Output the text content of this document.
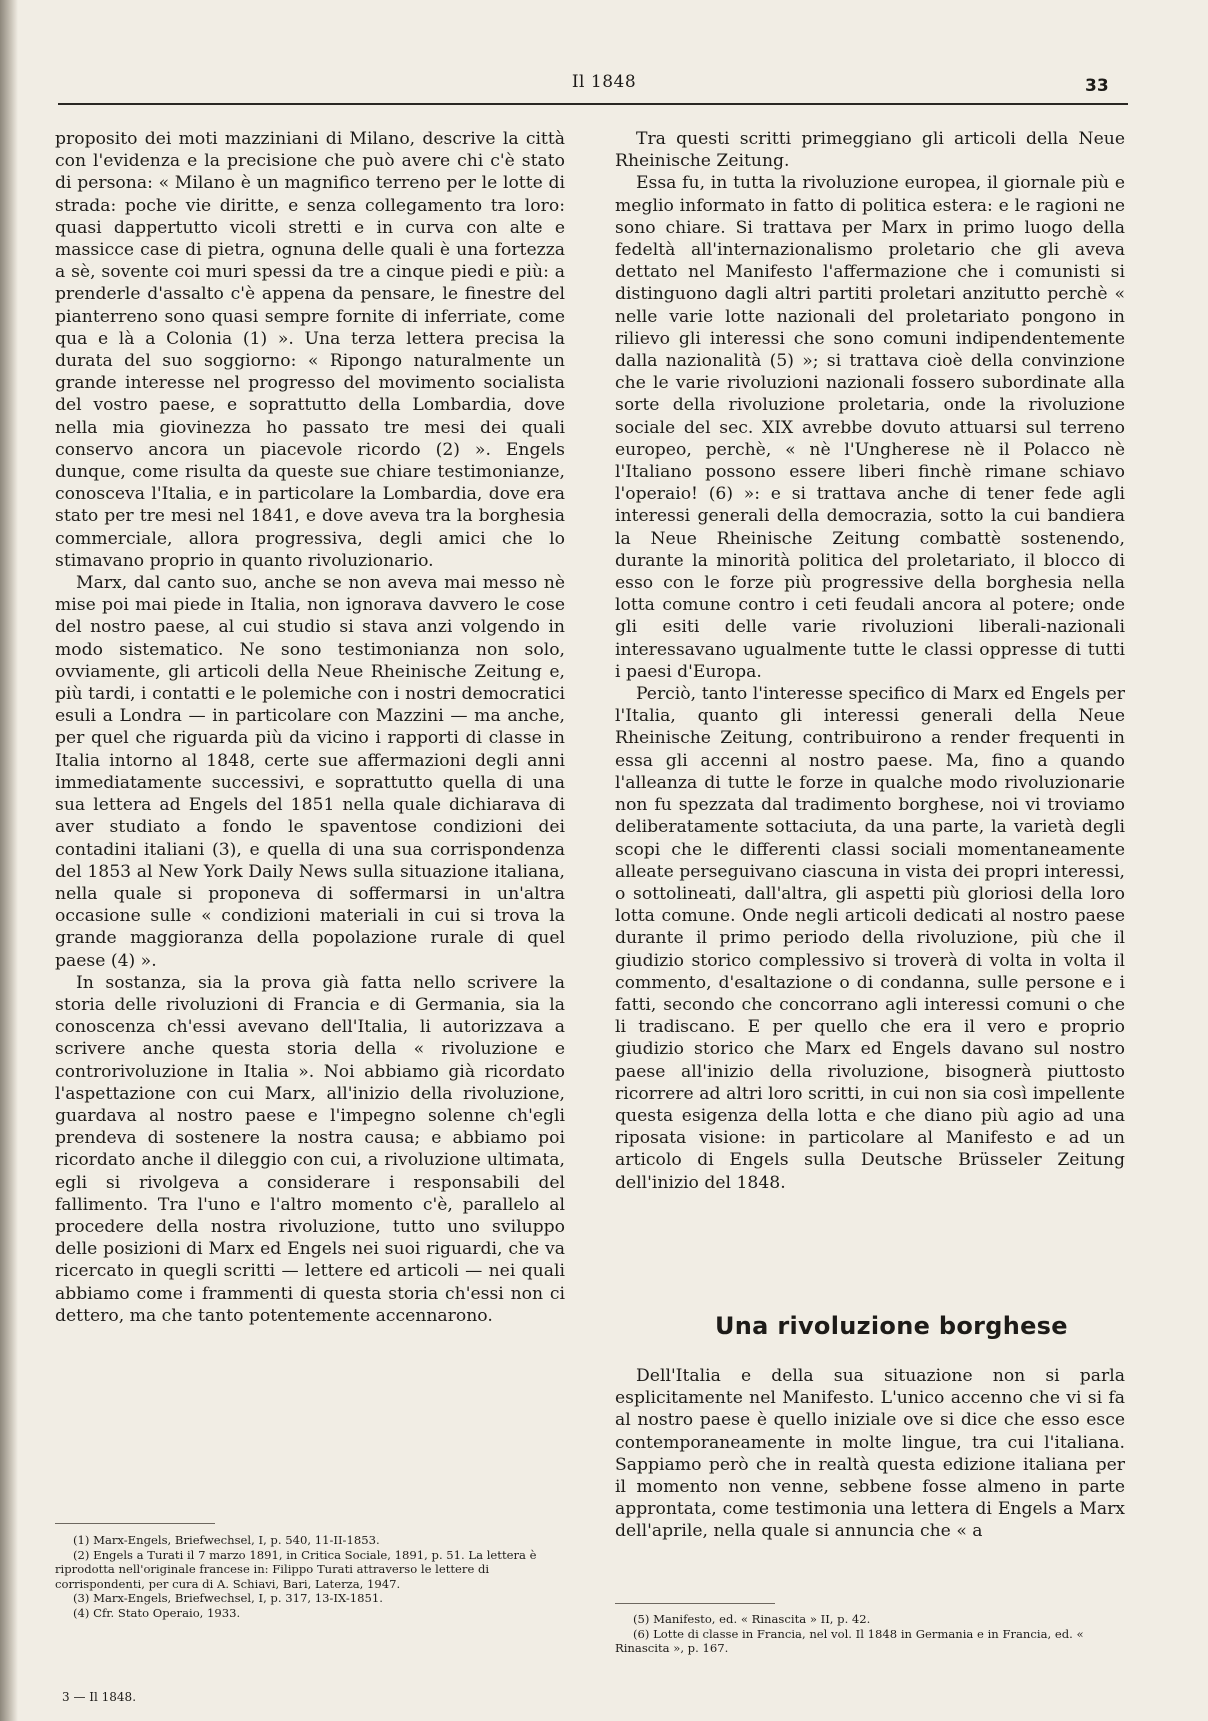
Il 1848	33

proposito dei moti mazziniani di Milano, descrive la città con l'evidenza e la precisione che può avere chi c'è stato di persona: « Milano è un magnifico terreno per le lotte di strada: poche vie diritte, e senza collegamento tra loro: quasi dappertutto vicoli stretti e in curva con alte e massicce case di pietra, ognuna delle quali è una fortezza a sè, sovente coi muri spessi da tre a cinque piedi e più: a prenderle d'assalto c'è appena da pensare, le finestre del pianterreno sono quasi sempre fornite di inferriate, come qua e là a Colonia (1) ». Una terza lettera precisa la durata del suo soggiorno: « Ripongo naturalmente un grande interesse nel progresso del movimento socialista del vostro paese, e soprattutto della Lombardia, dove nella mia giovinezza ho passato tre mesi dei quali conservo ancora un piacevole ricordo (2) ». Engels dunque, come risulta da queste sue chiare testimonianze, conosceva l'Italia, e in particolare la Lombardia, dove era stato per tre mesi nel 1841, e dove aveva tra la borghesia commerciale, allora progressiva, degli amici che lo stimavano proprio in quanto rivoluzionario.

Marx, dal canto suo, anche se non aveva mai messo nè mise poi mai piede in Italia, non ignorava davvero le cose del nostro paese, al cui studio si stava anzi volgendo in modo sistematico. Ne sono testimonianza non solo, ovviamente, gli articoli della Neue Rheinische Zeitung e, più tardi, i contatti e le polemiche con i nostri democratici esuli a Londra — in particolare con Mazzini — ma anche, per quel che riguarda più da vicino i rapporti di classe in Italia intorno al 1848, certe sue affermazioni degli anni immediatamente successivi, e soprattutto quella di una sua lettera ad Engels del 1851 nella quale dichiarava di aver studiato a fondo le spaventose condizioni dei contadini italiani (3), e quella di una sua corrispondenza del 1853 al New York Daily News sulla situazione italiana, nella quale si proponeva di soffermarsi in un'altra occasione sulle « condizioni materiali in cui si trova la grande maggioranza della popolazione rurale di quel paese (4) ».

In sostanza, sia la prova già fatta nello scrivere la storia delle rivoluzioni di Francia e di Germania, sia la conoscenza ch'essi avevano dell'Italia, li autorizzava a scrivere anche questa storia della « rivoluzione e controrivoluzione in Italia ». Noi abbiamo già ricordato l'aspettazione con cui Marx, all'inizio della rivoluzione, guardava al nostro paese e l'impegno solenne ch'egli prendeva di sostenere la nostra causa; e abbiamo poi ricordato anche il dileggio con cui, a rivoluzione ultimata, egli si rivolgeva a considerare i responsabili del fallimento. Tra l'uno e l'altro momento c'è, parallelo al procedere della nostra rivoluzione, tutto uno sviluppo delle posizioni di Marx ed Engels nei suoi riguardi, che va ricercato in quegli scritti — lettere ed articoli — nei quali abbiamo come i frammenti di questa storia ch'essi non ci dettero, ma che tanto potentemente accennarono.

(1) Marx-Engels, Briefwechsel, I, p. 540, 11-II-1853.

(2) Engels a Turati il 7 marzo 1891, in Critica Sociale, 1891, p. 51. La lettera è riprodotta nell'originale francese in: Filippo Turati attraverso le lettere di corrispondenti, per cura di A. Schiavi, Bari, Laterza, 1947.

(3) Marx-Engels, Briefwechsel, I, p. 317, 13-IX-1851.

(4) Cfr. Stato Operaio, 1933.

3 — Il 1848.

Tra questi scritti primeggiano gli articoli della Neue Rheinische Zeitung.

Essa fu, in tutta la rivoluzione europea, il giornale più e meglio informato in fatto di politica estera: e le ragioni ne sono chiare. Si trattava per Marx in primo luogo della fedeltà all'internazionalismo proletario che gli aveva dettato nel Manifesto l'affermazione che i comunisti si distinguono dagli altri partiti proletari anzitutto perchè « nelle varie lotte nazionali del proletariato pongono in rilievo gli interessi che sono comuni indipendentemente dalla nazionalità (5) »; si trattava cioè della convinzione che le varie rivoluzioni nazionali fossero subordinate alla sorte della rivoluzione proletaria, onde la rivoluzione sociale del sec. XIX avrebbe dovuto attuarsi sul terreno europeo, perchè, « nè l'Ungherese nè il Polacco nè l'Italiano possono essere liberi finchè rimane schiavo l'operaio! (6) »: e si trattava anche di tener fede agli interessi generali della democrazia, sotto la cui bandiera la Neue Rheinische Zeitung combattè sostenendo, durante la minorità politica del proletariato, il blocco di esso con le forze più progressive della borghesia nella lotta comune contro i ceti feudali ancora al potere; onde gli esiti delle varie rivoluzioni liberali-nazionali interessavano ugualmente tutte le classi oppresse di tutti i paesi d'Europa.

Perciò, tanto l'interesse specifico di Marx ed Engels per l'Italia, quanto gli interessi generali della Neue Rheinische Zeitung, contribuirono a render frequenti in essa gli accenni al nostro paese. Ma, fino a quando l'alleanza di tutte le forze in qualche modo rivoluzionarie non fu spezzata dal tradimento borghese, noi vi troviamo deliberatamente sottaciuta, da una parte, la varietà degli scopi che le differenti classi sociali momentaneamente alleate perseguivano ciascuna in vista dei propri interessi, o sottolineati, dall'altra, gli aspetti più gloriosi della loro lotta comune. Onde negli articoli dedicati al nostro paese durante il primo periodo della rivoluzione, più che il giudizio storico complessivo si troverà di volta in volta il commento, d'esaltazione o di condanna, sulle persone e i fatti, secondo che concorrano agli interessi comuni o che li tradiscano. E per quello che era il vero e proprio giudizio storico che Marx ed Engels davano sul nostro paese all'inizio della rivoluzione, bisognerà piuttosto ricorrere ad altri loro scritti, in cui non sia così impellente questa esigenza della lotta e che diano più agio ad una riposata visione: in particolare al Manifesto e ad un articolo di Engels sulla Deutsche Brüsseler Zeitung dell'inizio del 1848.

Una rivoluzione borghese

Dell'Italia e della sua situazione non si parla esplicitamente nel Manifesto. L'unico accenno che vi si fa al nostro paese è quello iniziale ove si dice che esso esce contemporaneamente in molte lingue, tra cui l'italiana. Sappiamo però che in realtà questa edizione italiana per il momento non venne, sebbene fosse almeno in parte approntata, come testimonia una lettera di Engels a Marx dell'aprile, nella quale si annuncia che « a

(5) Manifesto, ed. « Rinascita » II, p. 42.

(6) Lotte di classe in Francia, nel vol. Il 1848 in Germania e in Francia, ed. « Rinascita », p. 167.
